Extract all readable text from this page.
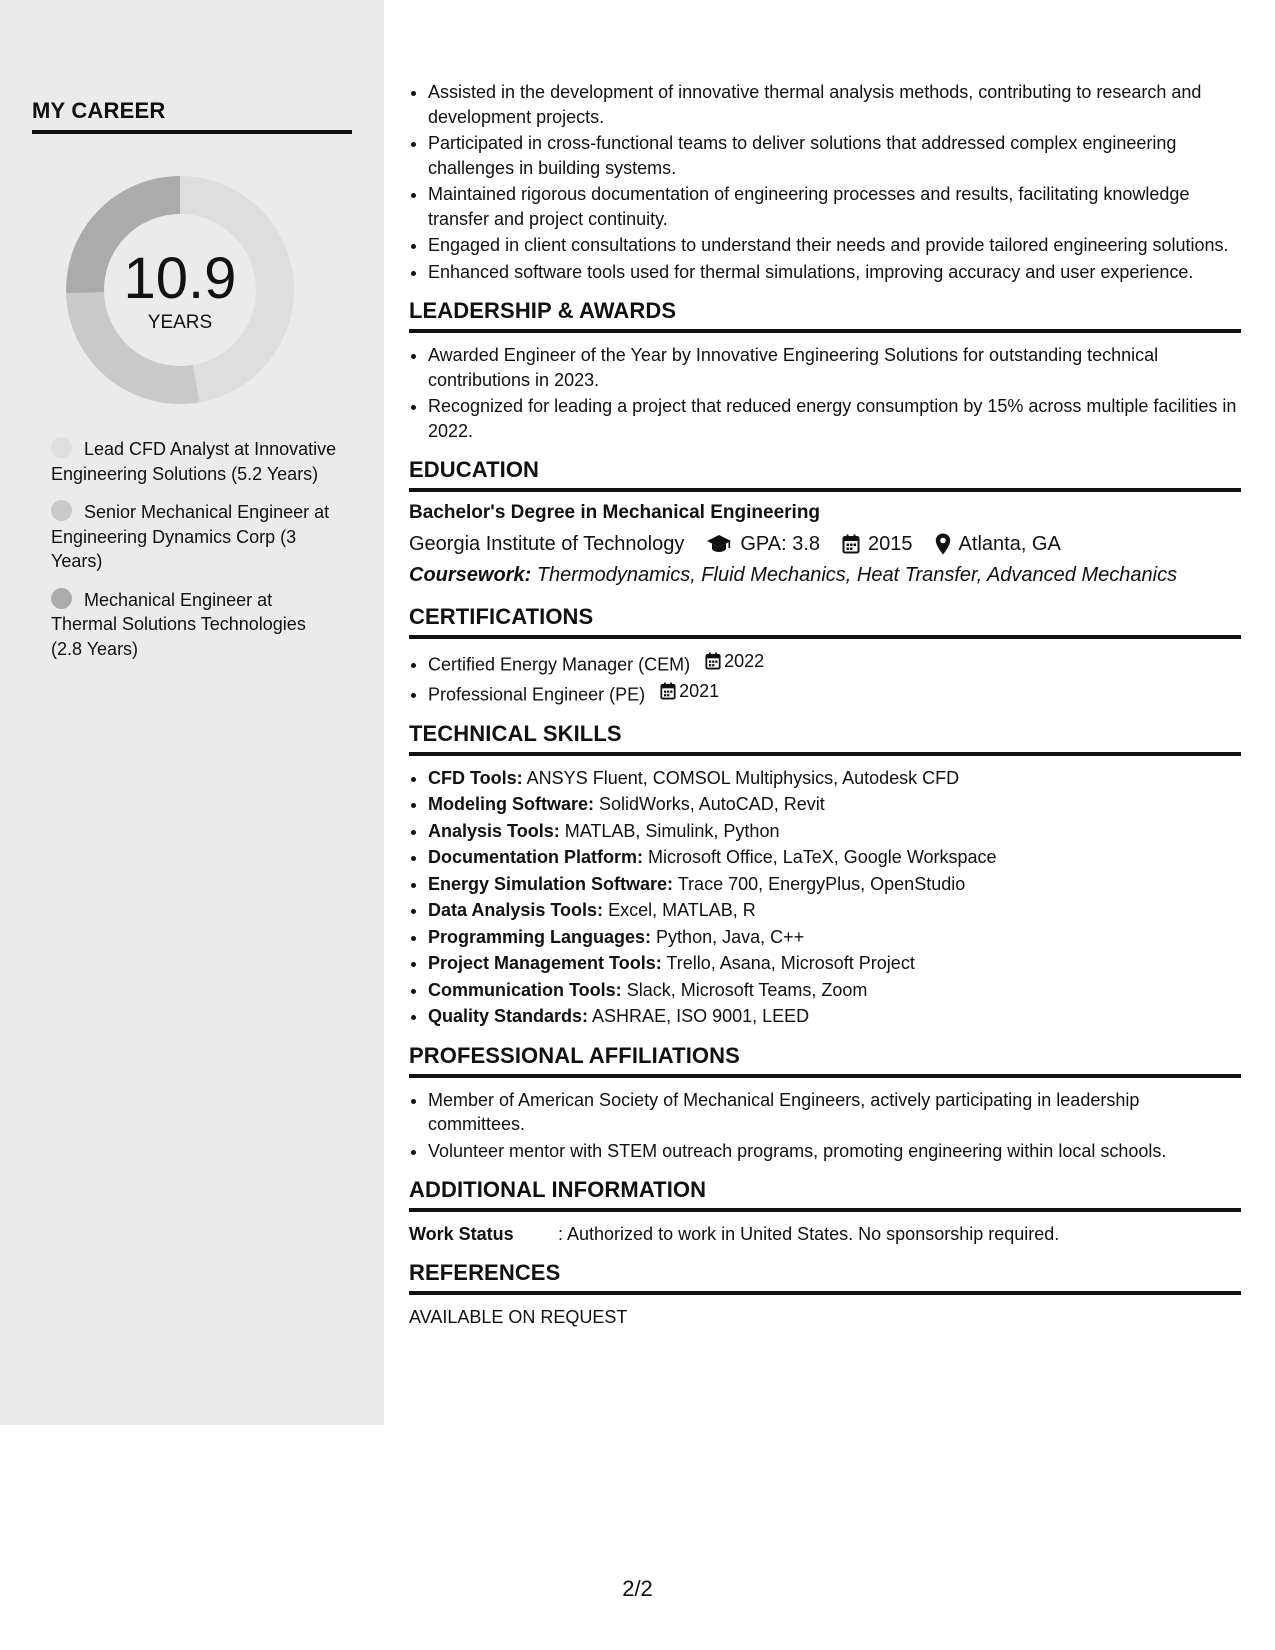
MY CAREER
10.9
YEARS
Lead CFD Analyst at Innovative Engineering Solutions (5.2 Years)
Senior Mechanical Engineer at Engineering Dynamics Corp (3 Years)
Mechanical Engineer at Thermal Solutions Technologies (2.8 Years)
• Assisted in the development of innovative thermal analysis methods, contributing to research and development projects.
• Participated in cross-functional teams to deliver solutions that addressed complex engineering challenges in building systems.
• Maintained rigorous documentation of engineering processes and results, facilitating knowledge transfer and project continuity.
• Engaged in client consultations to understand their needs and provide tailored engineering solutions.
• Enhanced software tools used for thermal simulations, improving accuracy and user experience.
LEADERSHIP & AWARDS
• Awarded Engineer of the Year by Innovative Engineering Solutions for outstanding technical contributions in 2023.
• Recognized for leading a project that reduced energy consumption by 15% across multiple facilities in 2022.
EDUCATION
Bachelor's Degree in Mechanical Engineering
Georgia Institute of Technology	GPA: 3.8 2015 Atlanta, GA
Coursework: Thermodynamics, Fluid Mechanics, Heat Transfer, Advanced Mechanics
CERTIFICATIONS
• Certified Energy Manager (CEM) 2022
• Professional Engineer (PE) 2021
TECHNICAL SKILLS
• CFD Tools: ANSYS Fluent, COMSOL Multiphysics, Autodesk CFD
• Modeling Software: SolidWorks, AutoCAD, Revit
• Analysis Tools: MATLAB, Simulink, Python
• Documentation Platform: Microsoft Office, LaTeX, Google Workspace
• Energy Simulation Software: Trace 700, EnergyPlus, OpenStudio
• Data Analysis Tools: Excel, MATLAB, R
• Programming Languages: Python, Java, C++
• Project Management Tools: Trello, Asana, Microsoft Project
• Communication Tools: Slack, Microsoft Teams, Zoom
• Quality Standards: ASHRAE, ISO 9001, LEED
PROFESSIONAL AFFILIATIONS
• Member of American Society of Mechanical Engineers, actively participating in leadership committees.
• Volunteer mentor with STEM outreach programs, promoting engineering within local schools.
ADDITIONAL INFORMATION
Work Status	: Authorized to work in United States. No sponsorship required.
REFERENCES
AVAILABLE ON REQUEST
2/2
